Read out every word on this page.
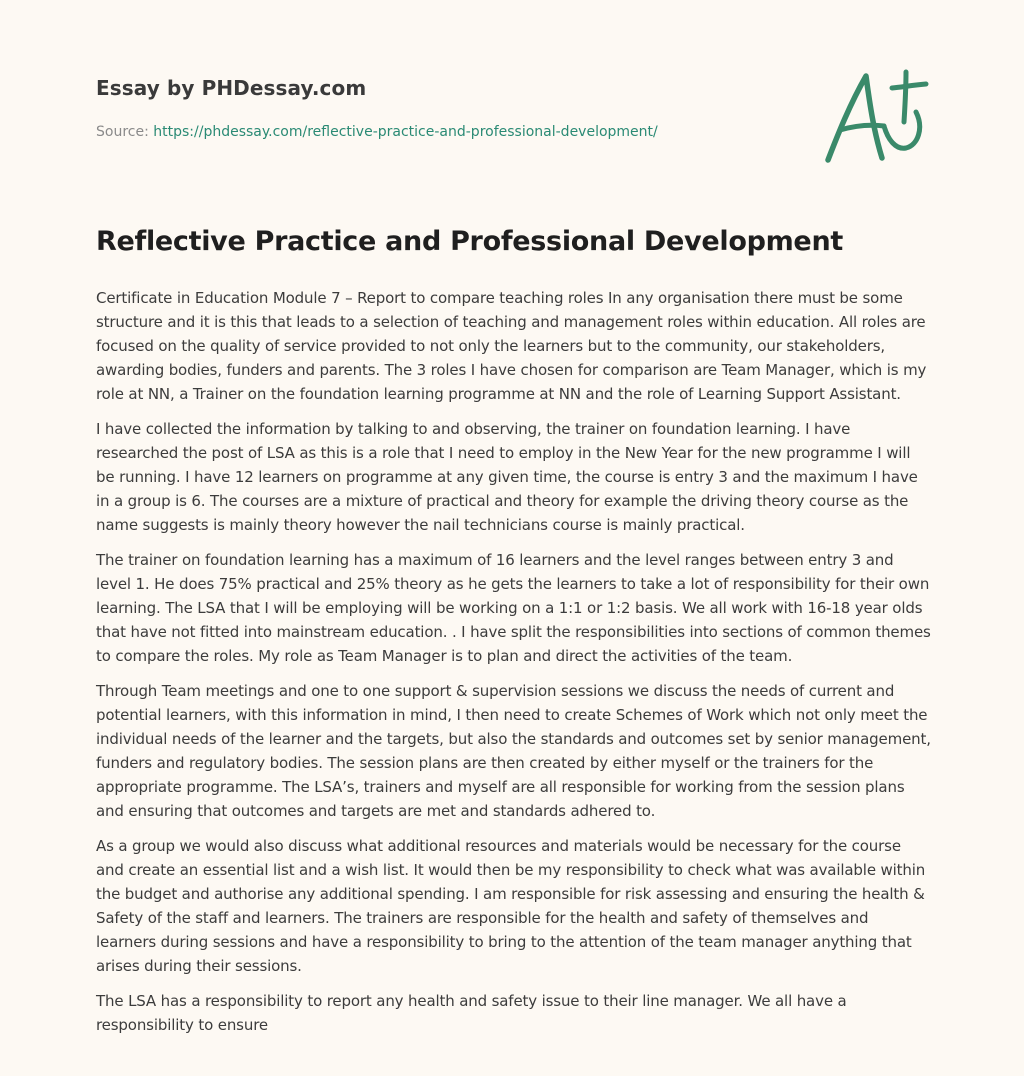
Essay by PHDessay.com
Source: https://phdessay.com/reflective-practice-and-professional-development/
Reflective Practice and Professional Development

Certificate in Education Module 7 – Report to compare teaching roles In any organisation there must be some structure and it is this that leads to a selection of teaching and management roles within education. All roles are focused on the quality of service provided to not only the learners but to the community, our stakeholders, awarding bodies, funders and parents. The 3 roles I have chosen for comparison are Team Manager, which is my role at NN, a Trainer on the foundation learning programme at NN and the role of Learning Support Assistant.

I have collected the information by talking to and observing, the trainer on foundation learning. I have researched the post of LSA as this is a role that I need to employ in the New Year for the new programme I will be running. I have 12 learners on programme at any given time, the course is entry 3 and the maximum I have in a group is 6. The courses are a mixture of practical and theory for example the driving theory course as the name suggests is mainly theory however the nail technicians course is mainly practical.

The trainer on foundation learning has a maximum of 16 learners and the level ranges between entry 3 and level 1. He does 75% practical and 25% theory as he gets the learners to take a lot of responsibility for their own learning. The LSA that I will be employing will be working on a 1:1 or 1:2 basis. We all work with 16-18 year olds that have not fitted into mainstream education. . I have split the responsibilities into sections of common themes to compare the roles. My role as Team Manager is to plan and direct the activities of the team.

Through Team meetings and one to one support & supervision sessions we discuss the needs of current and potential learners, with this information in mind, I then need to create Schemes of Work which not only meet the individual needs of the learner and the targets, but also the standards and outcomes set by senior management, funders and regulatory bodies. The session plans are then created by either myself or the trainers for the appropriate programme. The LSA’s, trainers and myself are all responsible for working from the session plans and ensuring that outcomes and targets are met and standards adhered to.

As a group we would also discuss what additional resources and materials would be necessary for the course and create an essential list and a wish list. It would then be my responsibility to check what was available within the budget and authorise any additional spending. I am responsible for risk assessing and ensuring the health & Safety of the staff and learners. The trainers are responsible for the health and safety of themselves and learners during sessions and have a responsibility to bring to the attention of the team manager anything that arises during their sessions.

The LSA has a responsibility to report any health and safety issue to their line manager. We all have a responsibility to ensure
